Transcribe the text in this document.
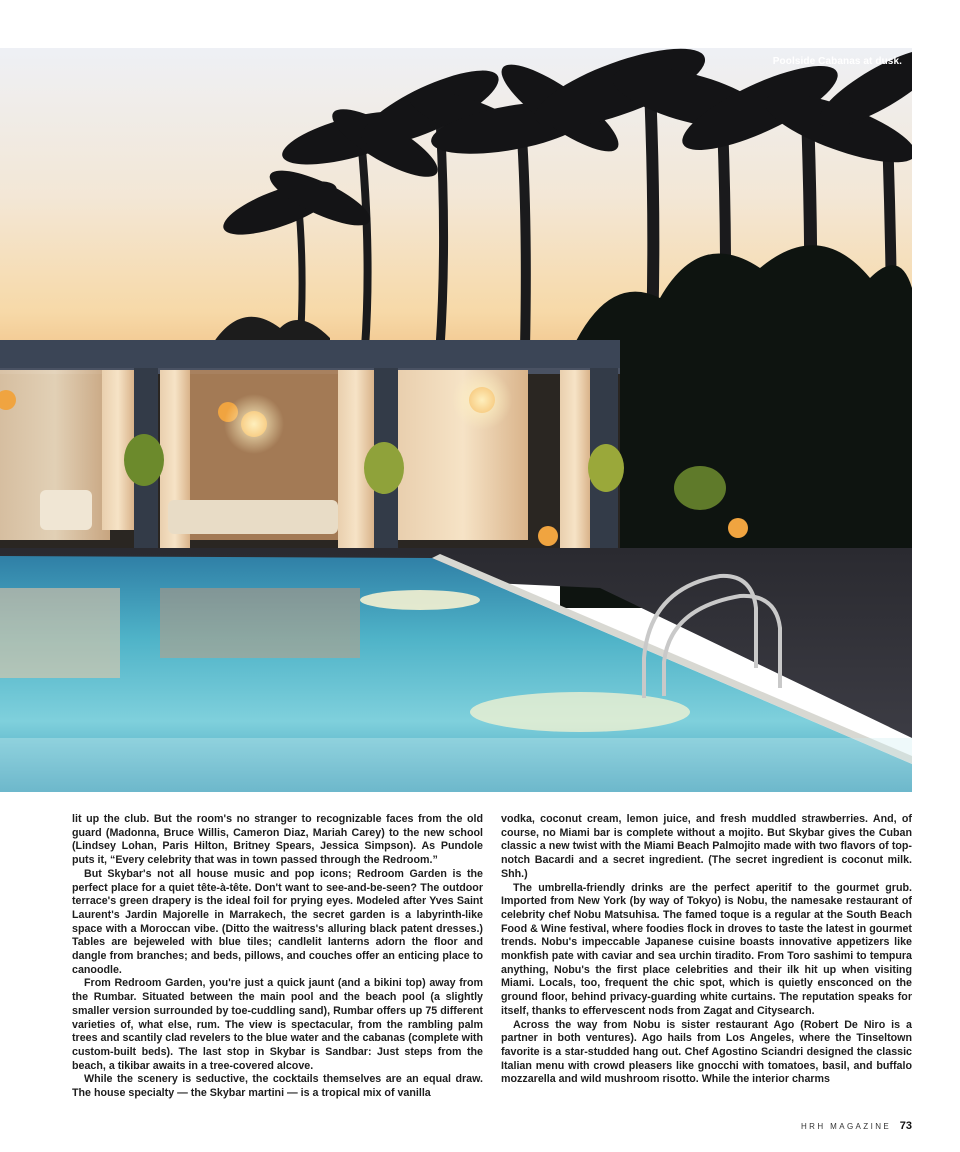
Poolside Cabanas at dusk.

lit up the club. But the room's no stranger to recognizable faces from the old guard (Madonna, Bruce Willis, Cameron Diaz, Mariah Carey) to the new school (Lindsey Lohan, Paris Hilton, Britney Spears, Jessica Simpson). As Pundole puts it, “Every celebrity that was in town passed through the Redroom.”

But Skybar's not all house music and pop icons; Redroom Garden is the perfect place for a quiet tête-à-tête. Don't want to see-and-be-seen? The outdoor terrace's green drapery is the ideal foil for prying eyes. Modeled after Yves Saint Laurent's Jardin Majorelle in Marrakech, the secret garden is a labyrinth-like space with a Moroccan vibe. (Ditto the waitress's alluring black patent dresses.) Tables are bejeweled with blue tiles; candlelit lanterns adorn the floor and dangle from branches; and beds, pillows, and couches offer an enticing place to canoodle.

From Redroom Garden, you're just a quick jaunt (and a bikini top) away from the Rumbar. Situated between the main pool and the beach pool (a slightly smaller version surrounded by toe-cuddling sand), Rumbar offers up 75 different varieties of, what else, rum. The view is spectacular, from the rambling palm trees and scantily clad revelers to the blue water and the cabanas (complete with custom-built beds). The last stop in Skybar is Sandbar: Just steps from the beach, a tikibar awaits in a tree-covered alcove.

While the scenery is seductive, the cocktails themselves are an equal draw. The house specialty — the Skybar martini — is a tropical mix of vanilla

vodka, coconut cream, lemon juice, and fresh muddled strawberries. And, of course, no Miami bar is complete without a mojito. But Skybar gives the Cuban classic a new twist with the Miami Beach Palmojito made with two flavors of top-notch Bacardi and a secret ingredient. (The secret ingredient is coconut milk. Shh.)

The umbrella-friendly drinks are the perfect aperitif to the gourmet grub. Imported from New York (by way of Tokyo) is Nobu, the namesake restaurant of celebrity chef Nobu Matsuhisa. The famed toque is a regular at the South Beach Food & Wine festival, where foodies flock in droves to taste the latest in gourmet trends. Nobu's impeccable Japanese cuisine boasts innovative appetizers like monkfish pate with caviar and sea urchin tiradito. From Toro sashimi to tempura anything, Nobu's the first place celebrities and their ilk hit up when visiting Miami. Locals, too, frequent the chic spot, which is quietly ensconced on the ground floor, behind privacy-guarding white curtains. The reputation speaks for itself, thanks to effervescent nods from Zagat and Citysearch.

Across the way from Nobu is sister restaurant Ago (Robert De Niro is a partner in both ventures). Ago hails from Los Angeles, where the Tinseltown favorite is a star-studded hang out. Chef Agostino Sciandri designed the classic Italian menu with crowd pleasers like gnocchi with tomatoes, basil, and buffalo mozzarella and wild mushroom risotto. While the interior charms

HRH MAGAZINE 73
